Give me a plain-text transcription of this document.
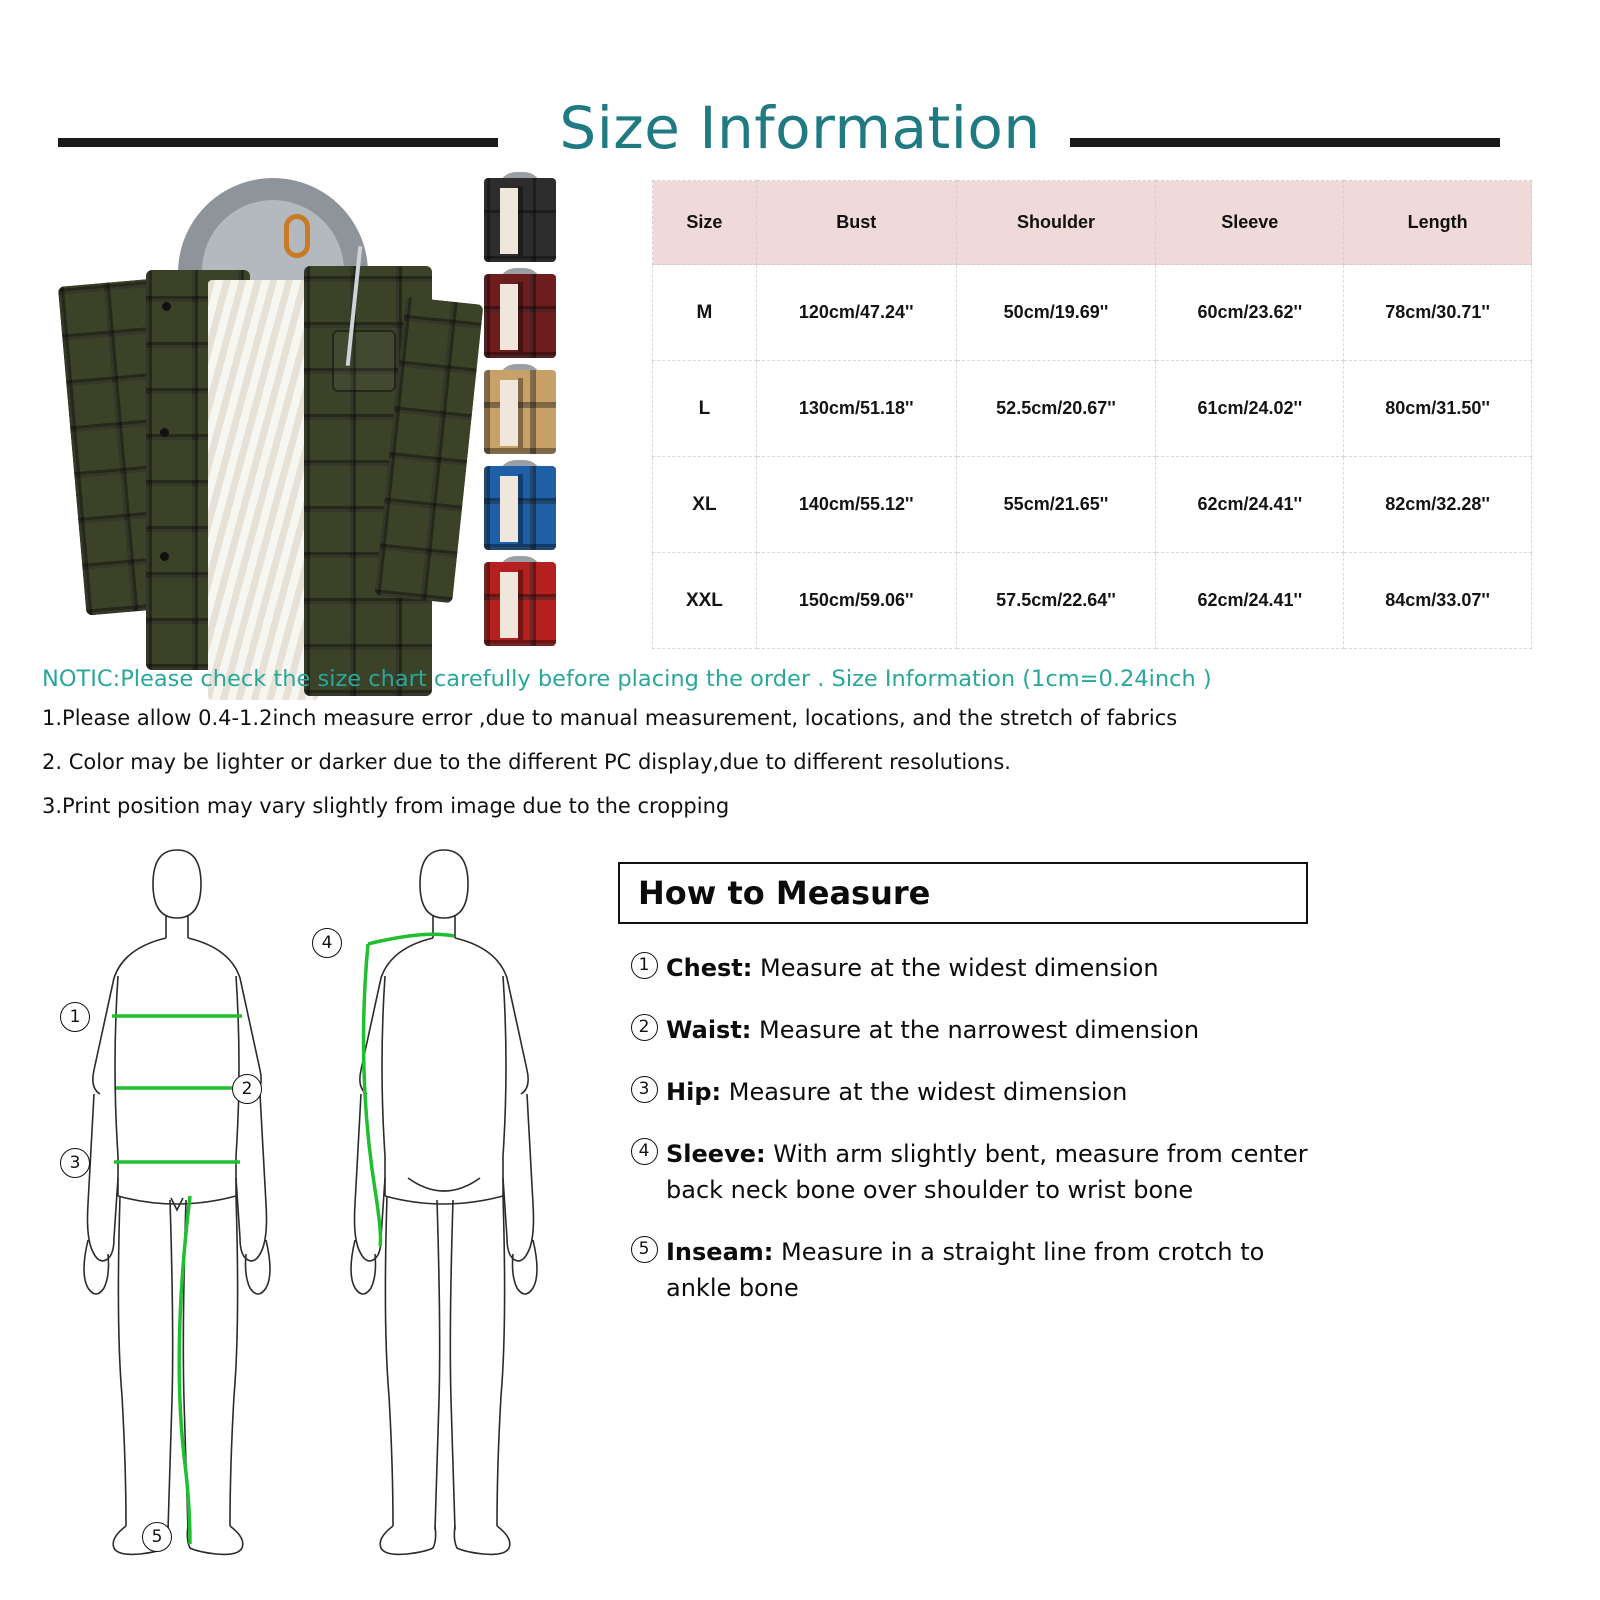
Size Information
Size	Bust	Shoulder	Sleeve	Length
M	120cm/47.24''	50cm/19.69''	60cm/23.62''	78cm/30.71''
L	130cm/51.18''	52.5cm/20.67''	61cm/24.02''	80cm/31.50''
XL	140cm/55.12''	55cm/21.65''	62cm/24.41''	82cm/32.28''
XXL	150cm/59.06''	57.5cm/22.64''	62cm/24.41''	84cm/33.07''
NOTIC:Please check the size chart carefully before placing the order . Size Information (1cm=0.24inch )
1.Please allow 0.4-1.2inch measure error ,due to manual measurement, locations, and the stretch of fabrics
2. Color may be lighter or darker due to the different PC display,due to different resolutions.
3.Print position may vary slightly from image due to the cropping
How to Measure
1 Chest: Measure at the widest dimension
2 Waist: Measure at the narrowest dimension
3 Hip: Measure at the widest dimension
4 Sleeve: With arm slightly bent, measure from center back neck bone over shoulder to wrist bone
5 Inseam: Measure in a straight line from crotch to ankle bone
1
2
3
4
5
